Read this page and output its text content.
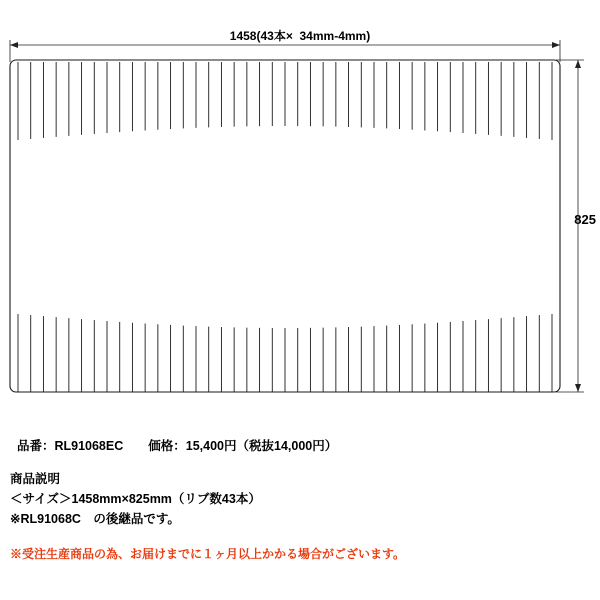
1458(43本×  34mm-4mm)
825

品番：RL91068EC　　 価格：15,400円（税抜14,000円）

商品説明
＜サイズ＞1458mm×825mm（リブ数43本）
※RL91068C　の後継品です。
※受注生産商品の為、お届けまでに１ヶ月以上かかる場合がございます。
